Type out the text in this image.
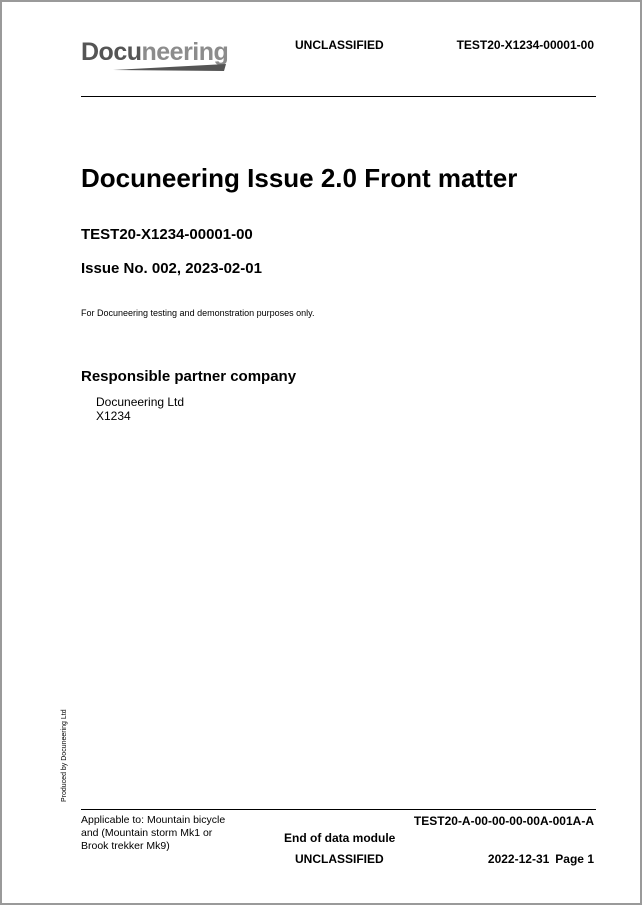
Docuneering	UNCLASSIFIED	TEST20-X1234-00001-00
Docuneering Issue 2.0 Front matter
TEST20-X1234-00001-00
Issue No. 002, 2023-02-01
For Docuneering testing and demonstration purposes only.
Responsible partner company
Docuneering Ltd
X1234
Produced by Docuneering Ltd
Applicable to: Mountain bicycle and (Mountain storm Mk1 or Brook trekker Mk9)
End of data module
UNCLASSIFIED
TEST20-A-00-00-00-00A-001A-A
2022-12-31 Page 1
